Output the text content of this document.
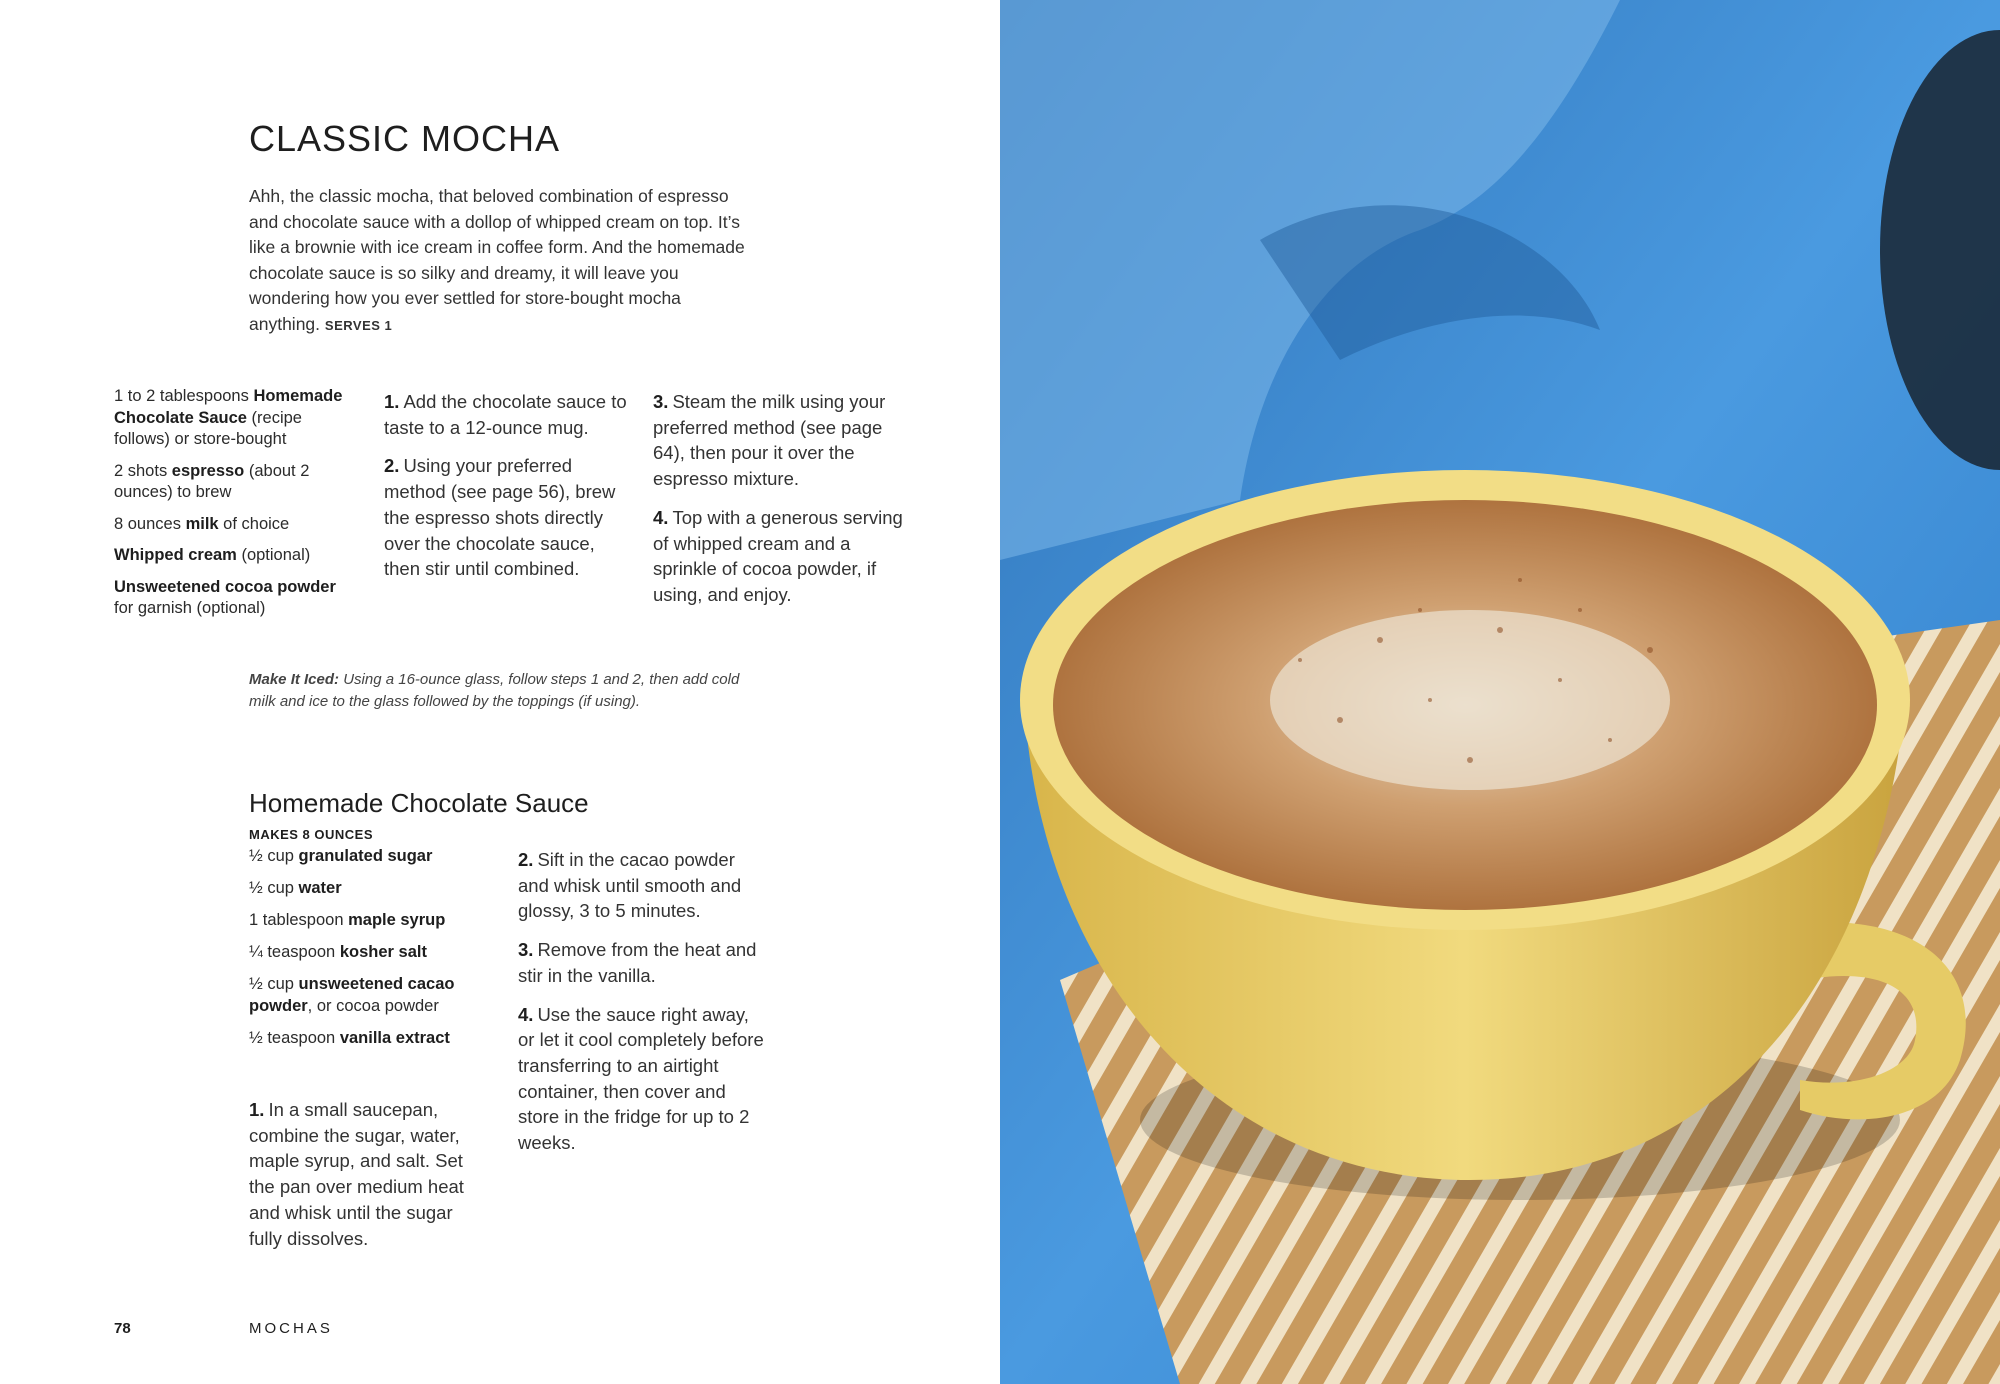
CLASSIC MOCHA

Ahh, the classic mocha, that beloved combination of espresso and chocolate sauce with a dollop of whipped cream on top. It’s like a brownie with ice cream in coffee form. And the homemade chocolate sauce is so silky and dreamy, it will leave you wondering how you ever settled for store-bought mocha anything. SERVES 1

1 to 2 tablespoons Homemade Chocolate Sauce (recipe follows) or store-bought
2 shots espresso (about 2 ounces) to brew
8 ounces milk of choice
Whipped cream (optional)
Unsweetened cocoa powder for garnish (optional)
1. Add the chocolate sauce to taste to a 12-ounce mug.
2. Using your preferred method (see page 56), brew the espresso shots directly over the chocolate sauce, then stir until combined.
3. Steam the milk using your preferred method (see page 64), then pour it over the espresso mixture.
4. Top with a generous serving of whipped cream and a sprinkle of cocoa powder, if using, and enjoy.

Make It Iced: Using a 16-ounce glass, follow steps 1 and 2, then add cold milk and ice to the glass followed by the toppings (if using).

Homemade Chocolate Sauce
MAKES 8 OUNCES
½ cup granulated sugar
½ cup water
1 tablespoon maple syrup
¼ teaspoon kosher salt
½ cup unsweetened cacao powder, or cocoa powder
½ teaspoon vanilla extract
1. In a small saucepan, combine the sugar, water, maple syrup, and salt. Set the pan over medium heat and whisk until the sugar fully dissolves.
2. Sift in the cacao powder and whisk until smooth and glossy, 3 to 5 minutes.
3. Remove from the heat and stir in the vanilla.
4. Use the sauce right away, or let it cool completely before transferring to an airtight container, then cover and store in the fridge for up to 2 weeks.
78	MOCHAS
